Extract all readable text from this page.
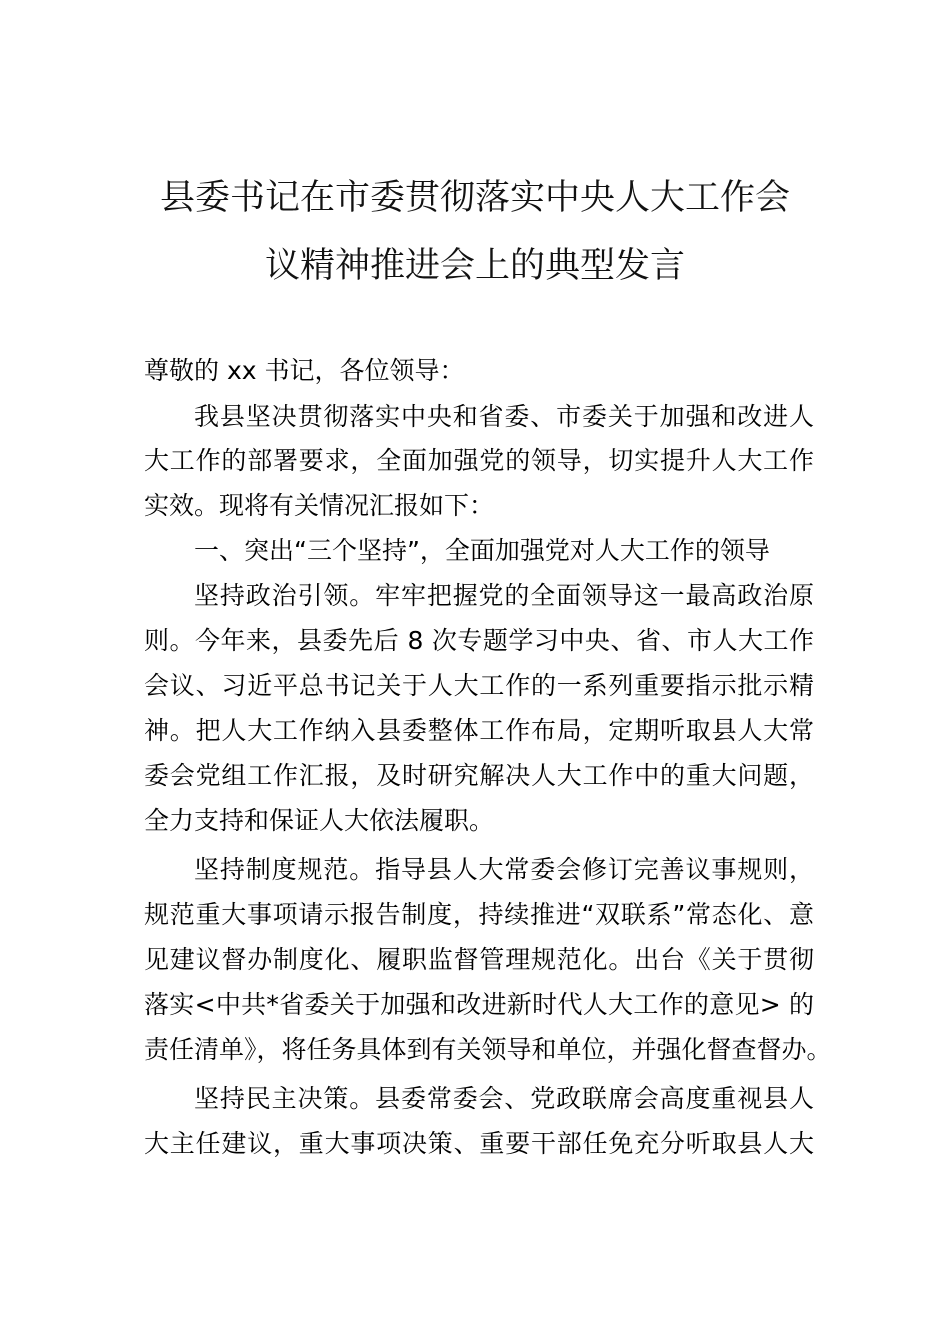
县委书记在市委贯彻落实中央人大工作会
议精神推进会上的典型发言
尊敬的 xx 书记，各位领导：
我县坚决贯彻落实中央和省委、市委关于加强和改进人
大工作的部署要求，全面加强党的领导，切实提升人大工作
实效。现将有关情况汇报如下：
一、突出“三个坚持”，全面加强党对人大工作的领导
坚持政治引领。牢牢把握党的全面领导这一最高政治原
则。今年来，县委先后 8 次专题学习中央、省、市人大工作
会议、习近平总书记关于人大工作的一系列重要指示批示精
神。把人大工作纳入县委整体工作布局，定期听取县人大常
委会党组工作汇报，及时研究解决人大工作中的重大问题，
全力支持和保证人大依法履职。
坚持制度规范。指导县人大常委会修订完善议事规则，
规范重大事项请示报告制度，持续推进“双联系”常态化、意
见建议督办制度化、履职监督管理规范化。出台《关于贯彻
落实<中共*省委关于加强和改进新时代人大工作的意见> 的
责任清单》，将任务具体到有关领导和单位，并强化督查督办。
坚持民主决策。县委常委会、党政联席会高度重视县人
大主任建议，重大事项决策、重要干部任免充分听取县人大
